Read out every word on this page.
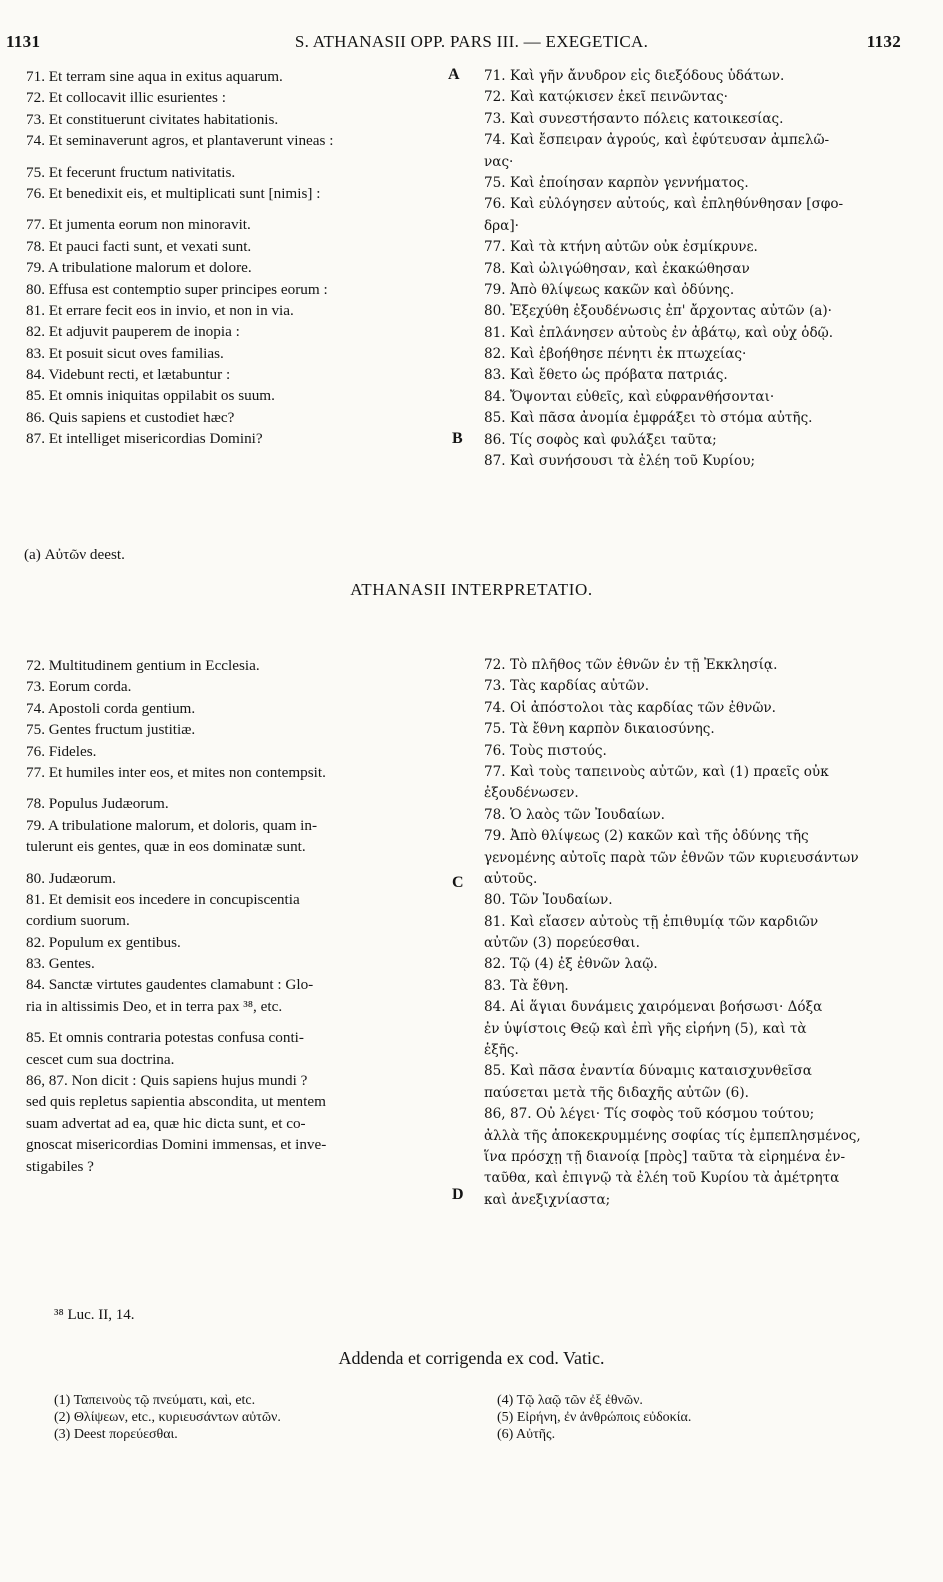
1131	S. ATHANASII OPP. PARS III. — EXEGETICA.	1132
71. Et terram sine aqua in exitus aquarum.
72. Et collocavit illic esurientes :
73. Et constituerunt civitates habitationis.
74. Et seminaverunt agros, et plantaverunt vineas :
75. Et fecerunt fructum nativitatis.
76. Et benedixit eis, et multiplicati sunt [nimis] :
77. Et jumenta eorum non minoravit.
78. Et pauci facti sunt, et vexati sunt.
79. A tribulatione malorum et dolore.
80. Effusa est contemptio super principes eorum :
81. Et errare fecit eos in invio, et non in via.
82. Et adjuvit pauperem de inopia :
83. Et posuit sicut oves familias.
84. Videbunt recti, et lætabuntur :
85. Et omnis iniquitas oppilabit os suum.
86. Quis sapiens et custodiet hæc?
87. Et intelliget misericordias Domini?
71. Καὶ γῆν ἄνυδρον εἰς διεξόδους ὑδάτων.
72. Καὶ κατῴκισεν ἐκεῖ πεινῶντας·
73. Καὶ συνεστήσαντο πόλεις κατοικεσίας.
74. Καὶ ἔσπειραν ἀγρούς, καὶ ἐφύτευσαν ἀμπελῶ-
νας·
75. Καὶ ἐποίησαν καρπὸν γεννήματος.
76. Καὶ εὐλόγησεν αὐτούς, καὶ ἐπληθύνθησαν [σφο-
δρα]·
77. Καὶ τὰ κτήνη αὐτῶν οὐκ ἐσμίκρυνε.
78. Καὶ ὠλιγώθησαν, καὶ ἐκακώθησαν
79. Ἀπὸ θλίψεως κακῶν καὶ ὀδύνης.
80. Ἐξεχύθη ἐξουδένωσις ἐπ' ἄρχοντας αὐτῶν (a)·
81. Καὶ ἐπλάνησεν αὐτοὺς ἐν ἀβάτῳ, καὶ οὐχ ὁδῷ.
82. Καὶ ἐβοήθησε πένητι ἐκ πτωχείας·
83. Καὶ ἔθετο ὡς πρόβατα πατριάς.
84. Ὄψονται εὐθεῖς, καὶ εὐφρανθήσονται·
85. Καὶ πᾶσα ἀνομία ἐμφράξει τὸ στόμα αὐτῆς.
86. Τίς σοφὸς καὶ φυλάξει ταῦτα;
87. Καὶ συνήσουσι τὰ ἐλέη τοῦ Κυρίου;
A
B
C
D
(a) Αὐτῶν deest.
ATHANASII INTERPRETATIO.
72. Multitudinem gentium in Ecclesia.
73. Eorum corda.
74. Apostoli corda gentium.
75. Gentes fructum justitiæ.
76. Fideles.
77. Et humiles inter eos, et mites non contempsit.
78. Populus Judæorum.
79. A tribulatione malorum, et doloris, quam in-
tulerunt eis gentes, quæ in eos dominatæ sunt.
80. Judæorum.
81. Et demisit eos incedere in concupiscentia
cordium suorum.
82. Populum ex gentibus.
83. Gentes.
84. Sanctæ virtutes gaudentes clamabunt : Glo-
ria in altissimis Deo, et in terra pax ³⁸, etc.
85. Et omnis contraria potestas confusa conti-
cescet cum sua doctrina.
86, 87. Non dicit : Quis sapiens hujus mundi ?
sed quis repletus sapientia abscondita, ut mentem
suam advertat ad ea, quæ hic dicta sunt, et co-
gnoscat misericordias Domini immensas, et inve-
stigabiles ?
72. Τὸ πλῆθος τῶν ἐθνῶν ἐν τῇ Ἐκκλησίᾳ.
73. Τὰς καρδίας αὐτῶν.
74. Οἱ ἀπόστολοι τὰς καρδίας τῶν ἐθνῶν.
75. Τὰ ἔθνη καρπὸν δικαιοσύνης.
76. Τοὺς πιστούς.
77. Καὶ τοὺς ταπεινοὺς αὐτῶν, καὶ (1) πραεῖς οὐκ
ἐξουδένωσεν.
78. Ὁ λαὸς τῶν Ἰουδαίων.
79. Ἀπὸ θλίψεως (2) κακῶν καὶ τῆς ὀδύνης τῆς
γενομένης αὐτοῖς παρὰ τῶν ἐθνῶν τῶν κυριευσάντων
αὐτοῦς.
80. Τῶν Ἰουδαίων.
81. Καὶ εἴασεν αὐτοὺς τῇ ἐπιθυμίᾳ τῶν καρδιῶν
αὐτῶν (3) πορεύεσθαι.
82. Τῷ (4) ἐξ ἐθνῶν λαῷ.
83. Τὰ ἔθνη.
84. Αἱ ἅγιαι δυνάμεις χαιρόμεναι βοήσωσι· Δόξα
ἐν ὑψίστοις Θεῷ καὶ ἐπὶ γῆς εἰρήνη (5), καὶ τὰ
ἑξῆς.
85. Καὶ πᾶσα ἐναντία δύναμις καταισχυνθεῖσα
παύσεται μετὰ τῆς διδαχῆς αὐτῶν (6).
86, 87. Οὐ λέγει· Τίς σοφὸς τοῦ κόσμου τούτου;
ἀλλὰ τῆς ἀποκεκρυμμένης σοφίας τίς ἐμπεπλησμένος,
ἵνα πρόσχῃ τῇ διανοίᾳ [πρὸς] ταῦτα τὰ εἰρημένα ἐν-
ταῦθα, καὶ ἐπιγνῷ τὰ ἐλέη τοῦ Κυρίου τὰ ἀμέτρητα
καὶ ἀνεξιχνίαστα;
³⁸ Luc. II, 14.
Addenda et corrigenda ex cod. Vatic.
(1) Ταπεινοὺς τῷ πνεύματι, καὶ, etc.
(2) Θλίψεων, etc., κυριευσάντων αὐτῶν.
(3) Deest πορεύεσθαι.
(4) Τῷ λαῷ τῶν ἐξ ἐθνῶν.
(5) Εἰρήνη, ἐν ἀνθρώποις εὐδοκία.
(6) Αὐτῆς.
